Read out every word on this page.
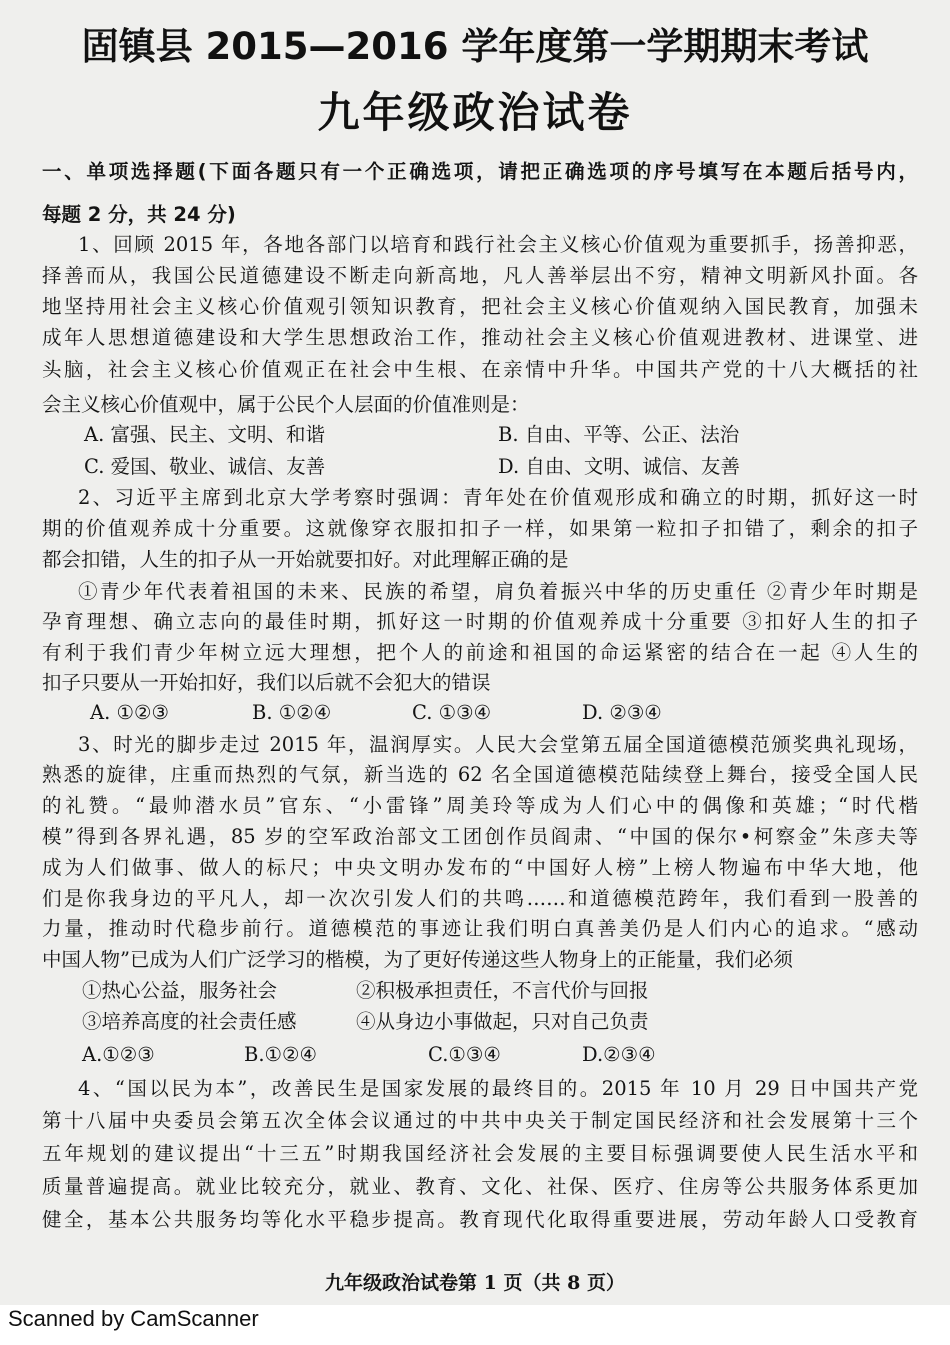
固镇县 2015—2016 学年度第一学期期末考试
九年级政治试卷
一、单项选择题(下面各题只有一个正确选项，请把正确选项的序号填写在本题后括号内，
每题 2 分，共 24 分)
1、回顾 2015 年，各地各部门以培育和践行社会主义核心价值观为重要抓手，扬善抑恶，
择善而从，我国公民道德建设不断走向新高地，凡人善举层出不穷，精神文明新风扑面。各
地坚持用社会主义核心价值观引领知识教育，把社会主义核心价值观纳入国民教育，加强未
成年人思想道德建设和大学生思想政治工作，推动社会主义核心价值观进教材、进课堂、进
头脑，社会主义核心价值观正在社会中生根、在亲情中升华。中国共产党的十八大概括的社
会主义核心价值观中，属于公民个人层面的价值准则是：
A. 富强、民主、文明、和谐	B. 自由、平等、公正、法治
C. 爱国、敬业、诚信、友善	D. 自由、文明、诚信、友善
2、习近平主席到北京大学考察时强调：青年处在价值观形成和确立的时期，抓好这一时
期的价值观养成十分重要。这就像穿衣服扣扣子一样，如果第一粒扣子扣错了，剩余的扣子
都会扣错，人生的扣子从一开始就要扣好。对此理解正确的是
①青少年代表着祖国的未来、民族的希望，肩负着振兴中华的历史重任 ②青少年时期是
孕育理想、确立志向的最佳时期，抓好这一时期的价值观养成十分重要 ③扣好人生的扣子
有利于我们青少年树立远大理想，把个人的前途和祖国的命运紧密的结合在一起 ④人生的
扣子只要从一开始扣好，我们以后就不会犯大的错误
A. ①②③	B. ①②④	C. ①③④	D. ②③④
3、时光的脚步走过 2015 年，温润厚实。人民大会堂第五届全国道德模范颁奖典礼现场，
熟悉的旋律，庄重而热烈的气氛，新当选的 62 名全国道德模范陆续登上舞台，接受全国人民
的礼赞。“最帅潜水员”官东、“小雷锋”周美玲等成为人们心中的偶像和英雄；“时代楷
模”得到各界礼遇，85 岁的空军政治部文工团创作员阎肃、“中国的保尔•柯察金”朱彦夫等
成为人们做事、做人的标尺；中央文明办发布的“中国好人榜”上榜人物遍布中华大地，他
们是你我身边的平凡人，却一次次引发人们的共鸣……和道德模范跨年，我们看到一股善的
力量，推动时代稳步前行。道德模范的事迹让我们明白真善美仍是人们内心的追求。“感动
中国人物”已成为人们广泛学习的楷模，为了更好传递这些人物身上的正能量，我们必须
①热心公益，服务社会	②积极承担责任，不言代价与回报
③培养高度的社会责任感	④从身边小事做起，只对自己负责
A.①②③	B.①②④	C.①③④	D.②③④
4、“国以民为本”，改善民生是国家发展的最终目的。2015 年 10 月 29 日中国共产党
第十八届中央委员会第五次全体会议通过的中共中央关于制定国民经济和社会发展第十三个
五年规划的建议提出“十三五”时期我国经济社会发展的主要目标强调要使人民生活水平和
质量普遍提高。就业比较充分，就业、教育、文化、社保、医疗、住房等公共服务体系更加
健全，基本公共服务均等化水平稳步提高。教育现代化取得重要进展，劳动年龄人口受教育
九年级政治试卷第 1 页（共 8 页）
Scanned by CamScanner
